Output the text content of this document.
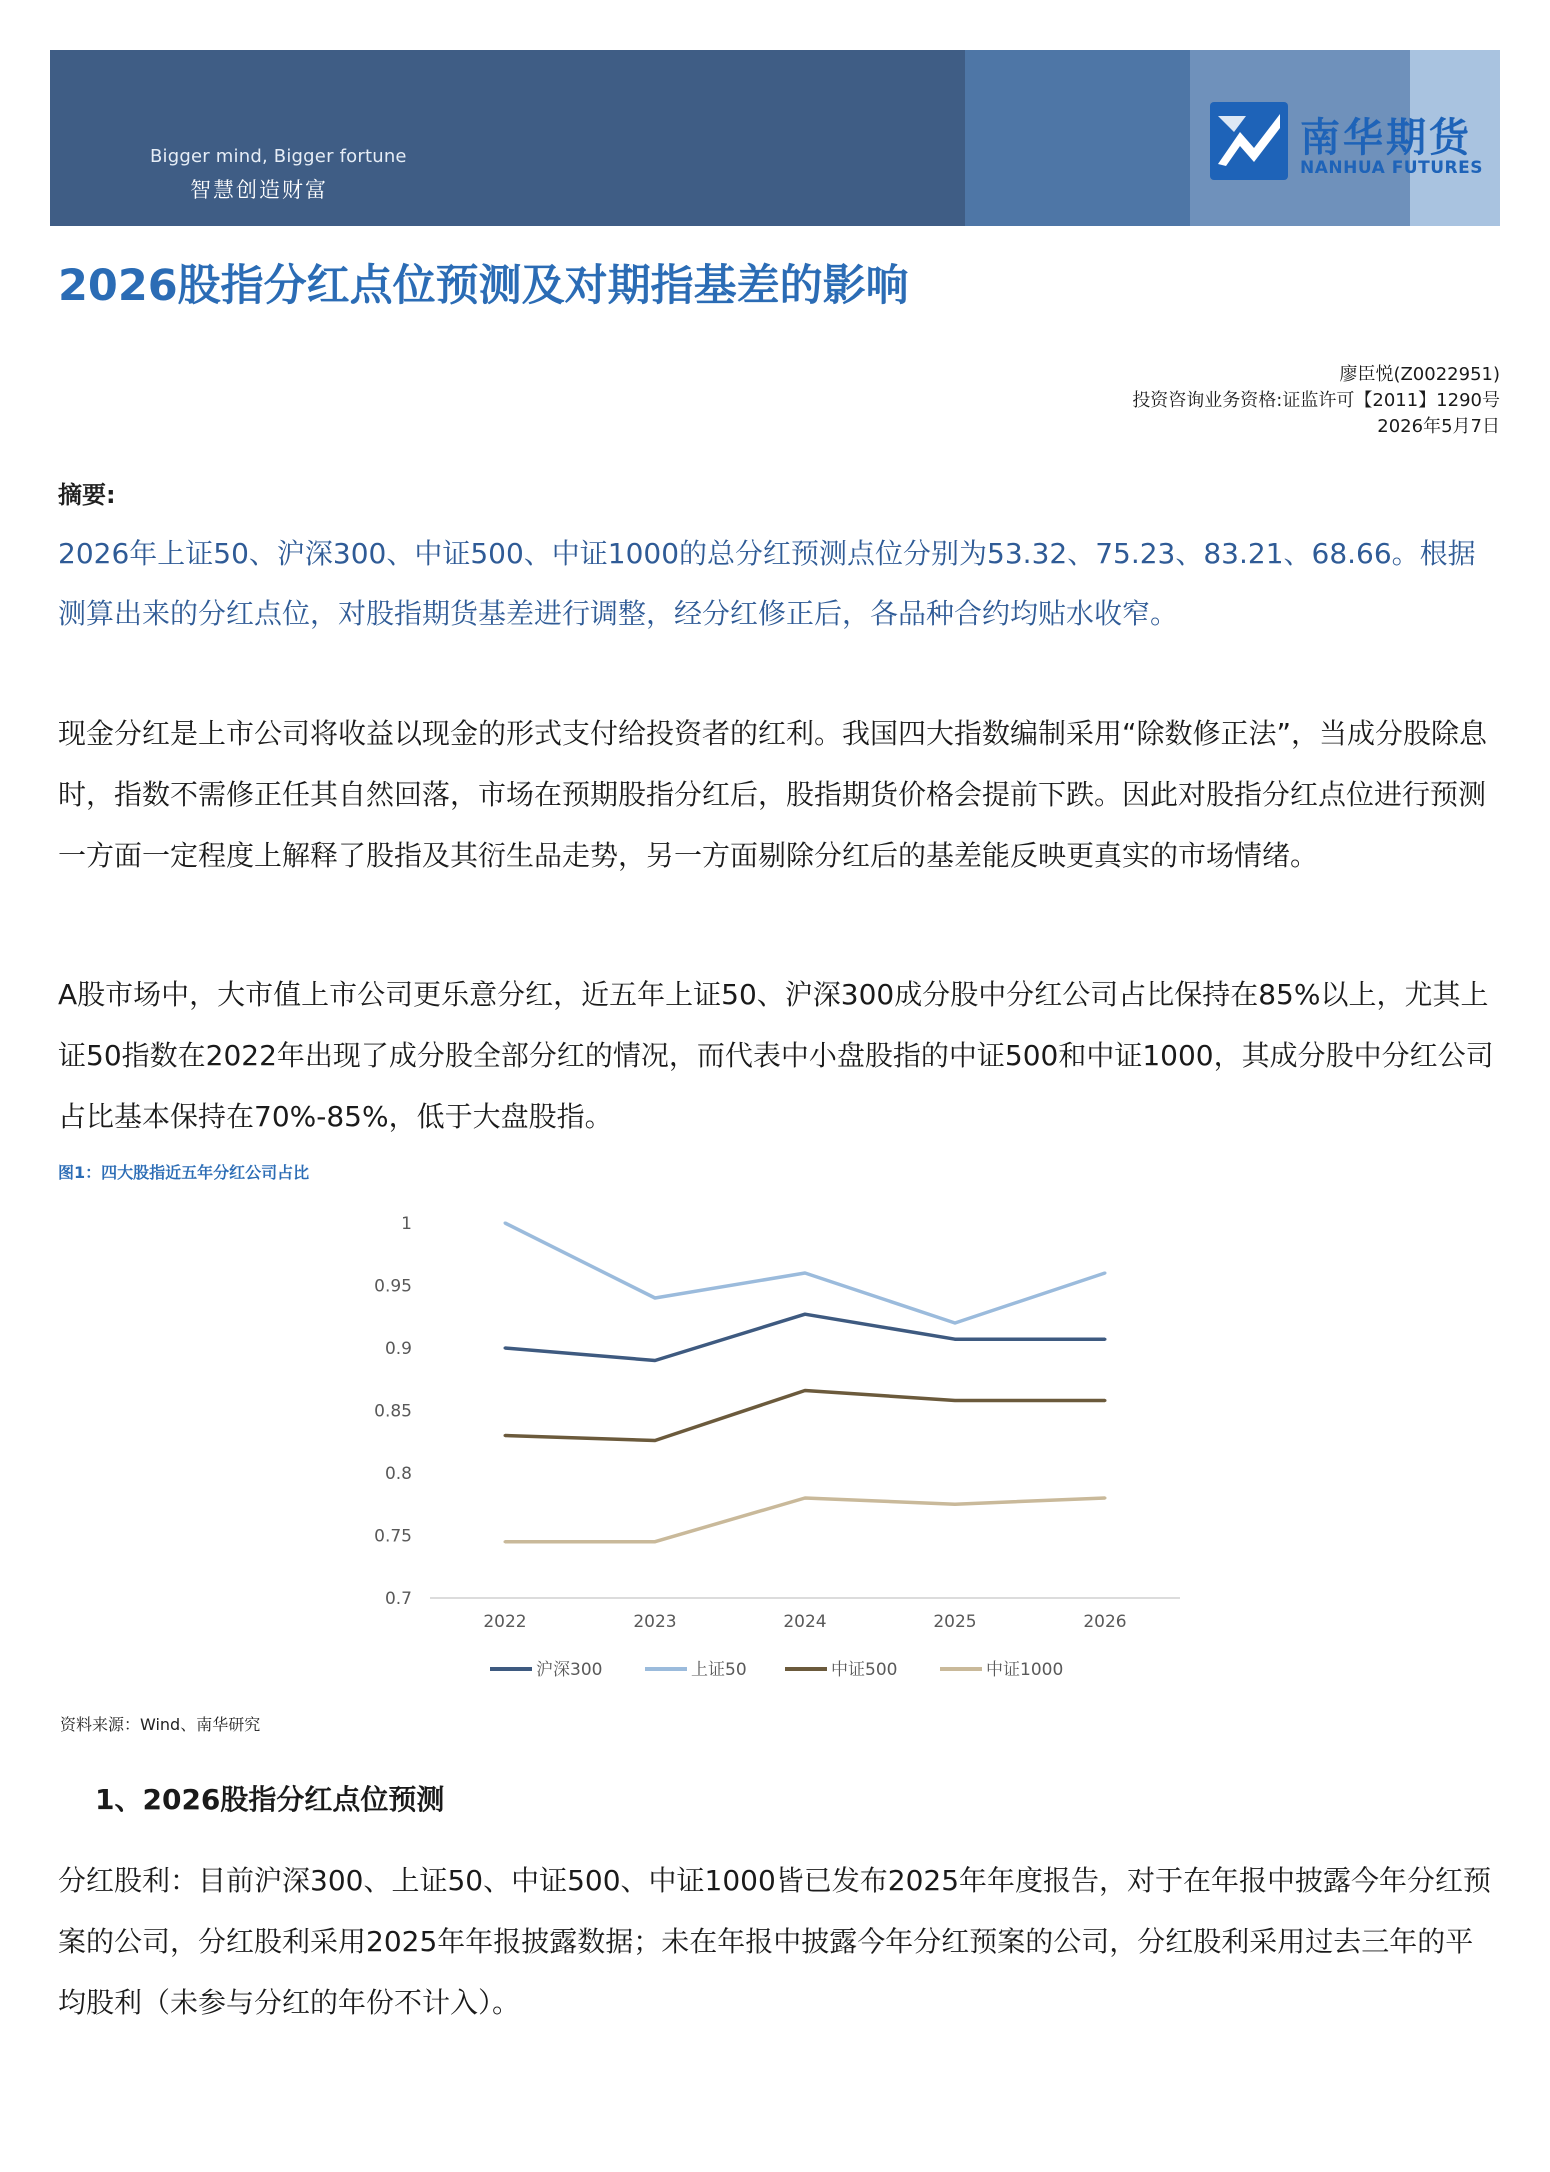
Bigger mind, Bigger fortune
智慧创造财富
南华期货
NANHUA FUTURES
2026股指分红点位预测及对期指基差的影响
廖臣悦(Z0022951)
投资咨询业务资格:证监许可【2011】1290号
2026年5月7日
摘要:

2026年上证50、沪深300、中证500、中证1000的总分红预测点位分别为53.32、75.23、83.21、68.66。根据测算出来的分红点位，对股指期货基差进行调整，经分红修正后，各品种合约均贴水收窄。

现金分红是上市公司将收益以现金的形式支付给投资者的红利。我国四大指数编制采用“除数修正法”，当成分股除息时，指数不需修正任其自然回落，市场在预期股指分红后，股指期货价格会提前下跌。因此对股指分红点位进行预测一方面一定程度上解释了股指及其衍生品走势，另一方面剔除分红后的基差能反映更真实的市场情绪。

A股市场中，大市值上市公司更乐意分红，近五年上证50、沪深300成分股中分红公司占比保持在85%以上，尤其上证50指数在2022年出现了成分股全部分红的情况，而代表中小盘股指的中证500和中证1000，其成分股中分红公司占比基本保持在70%-85%，低于大盘股指。

图1：四大股指近五年分红公司占比
1
0.95
0.9
0.85
0.8
0.75
0.7
2022	2023	2024	2025	2026
沪深300	上证50	中证500	中证1000
资料来源：Wind、南华研究
1、2026股指分红点位预测

分红股利：目前沪深300、上证50、中证500、中证1000皆已发布2025年年度报告，对于在年报中披露今年分红预案的公司，分红股利采用2025年年报披露数据；未在年报中披露今年分红预案的公司，分红股利采用过去三年的平均股利（未参与分红的年份不计入）。
